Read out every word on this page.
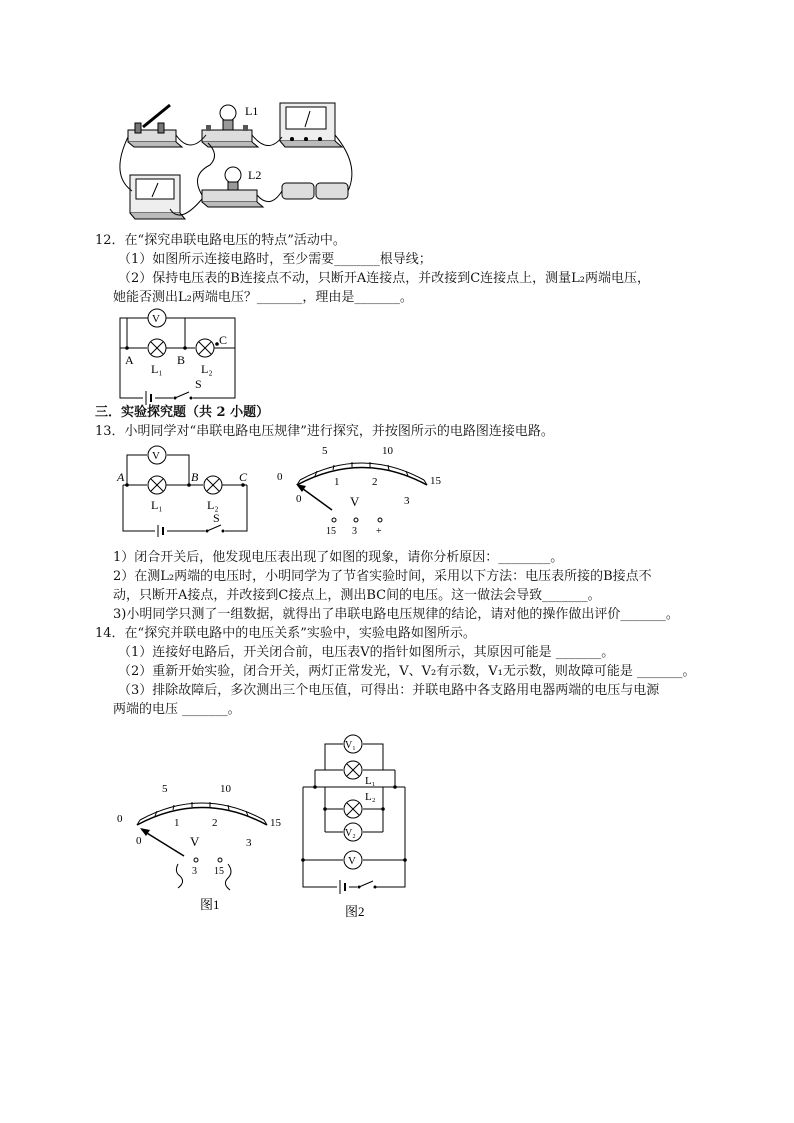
L1
L2
12．在“探究串联电路电压的特点”活动中。
（1）如图所示连接电路时，至少需要_______根导线；
（2）保持电压表的B连接点不动，只断开A连接点，并改接到C连接点上，测量L₂两端电压，
她能否测出L₂两端电压？_______，理由是_______。
V
A	B
C
L₁	L₂
S
三．实验探究题（共 2 小题）
13．小明同学对“串联电路电压规律”进行探究，并按图所示的电路图连接电路。
V
A	B	C
L₁	L₂
S
0
5	10
15
0
1	2
3
V
15 3 +
1）闭合开关后，他发现电压表出现了如图的现象，请你分析原因：________。
2）在测L₂两端的电压时，小明同学为了节省实验时间，采用以下方法：电压表所接的B接点不
动，只断开A接点，并改接到C接点上，测出BC间的电压。这一做法会导致_______。
3)小明同学只测了一组数据，就得出了串联电路电压规律的结论，请对他的操作做出评价_______。
14．在“探究并联电路中的电压关系”实验中，实验电路如图所示。
（1）连接好电路后，开关闭合前，电压表V的指针如图所示，其原因可能是 _______。
（2）重新开始实验，闭合开关，两灯正常发光，V、V₂有示数，V₁无示数，则故障可能是 _______。
（3）排除故障后，多次测出三个电压值，可得出：并联电路中各支路用电器两端的电压与电源
两端的电压 _______。
0
5	10
15
0
1	2
3
V
3 15
图1
V₁
L₁
L₂
V₂
V
图2
